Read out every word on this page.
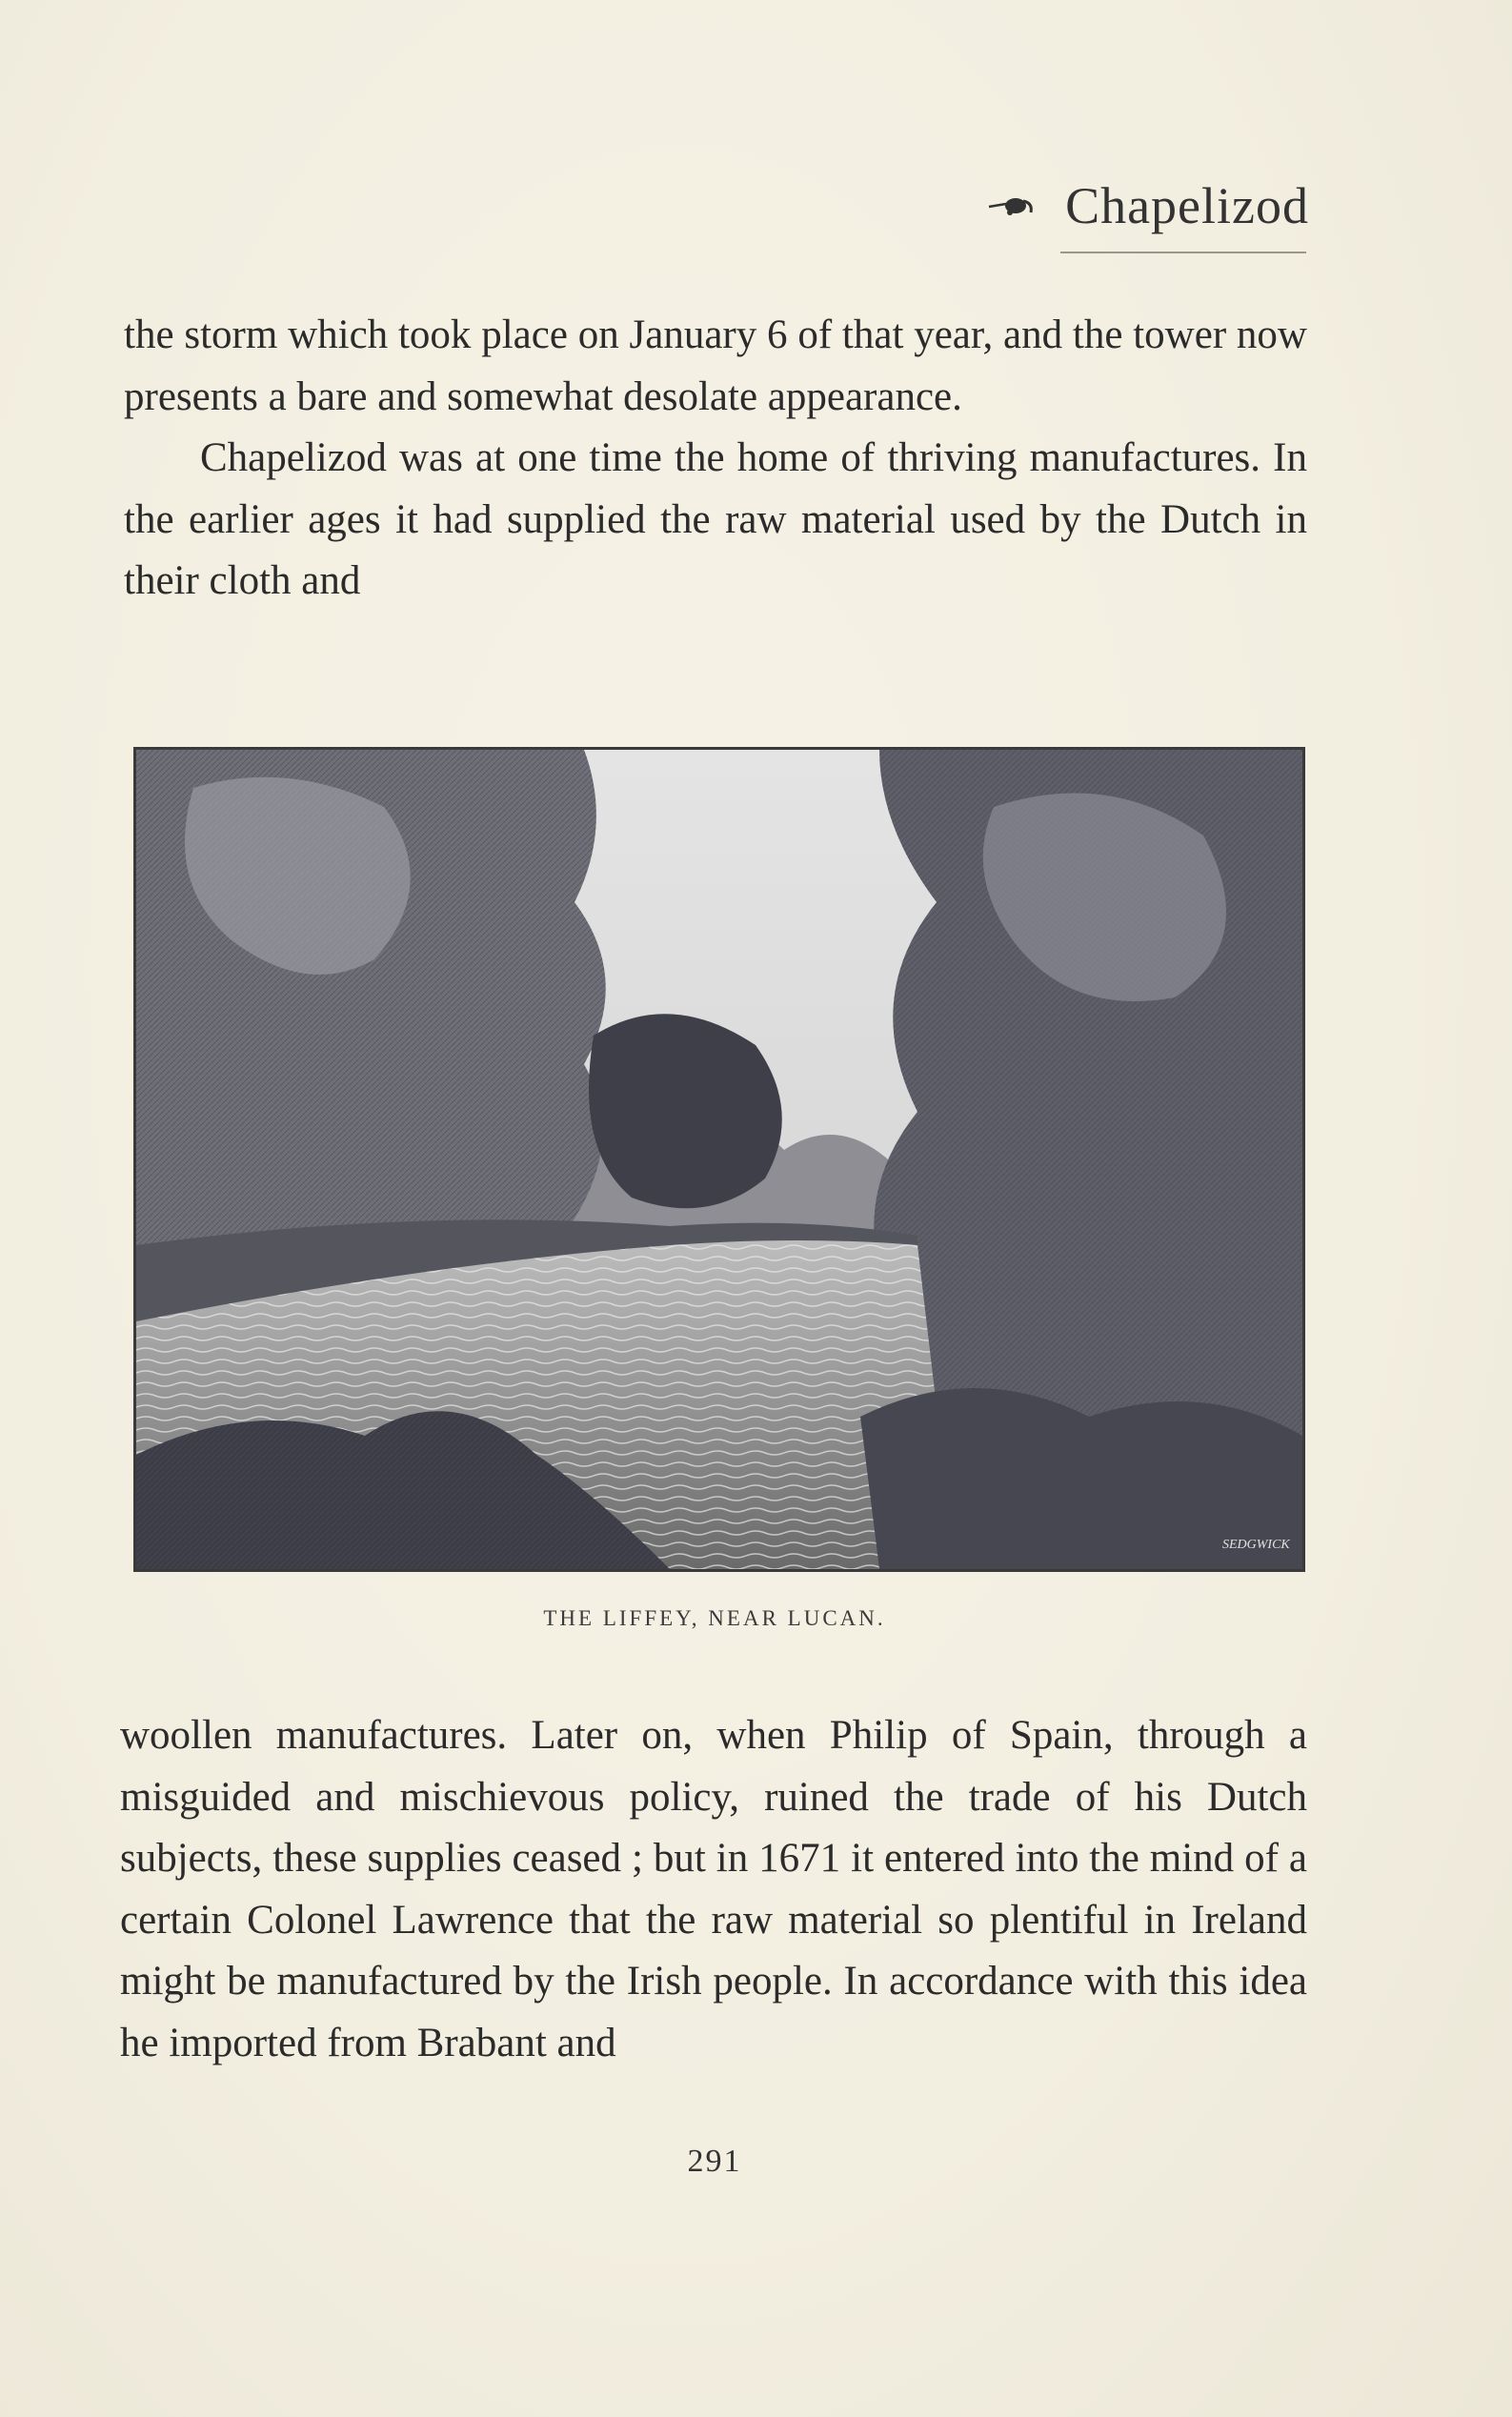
Chapelizod

the storm which took place on January 6 of that year, and the tower now presents a bare and somewhat desolate appearance.

Chapelizod was at one time the home of thriving manufactures. In the earlier ages it had supplied the raw material used by the Dutch in their cloth and

SEDGWICK
THE LIFFEY, NEAR LUCAN.

woollen manufactures. Later on, when Philip of Spain, through a misguided and mischievous policy, ruined the trade of his Dutch subjects, these supplies ceased ; but in 1671 it entered into the mind of a certain Colonel Lawrence that the raw material so plentiful in Ireland might be manufactured by the Irish people. In accordance with this idea he imported from Brabant and

291
